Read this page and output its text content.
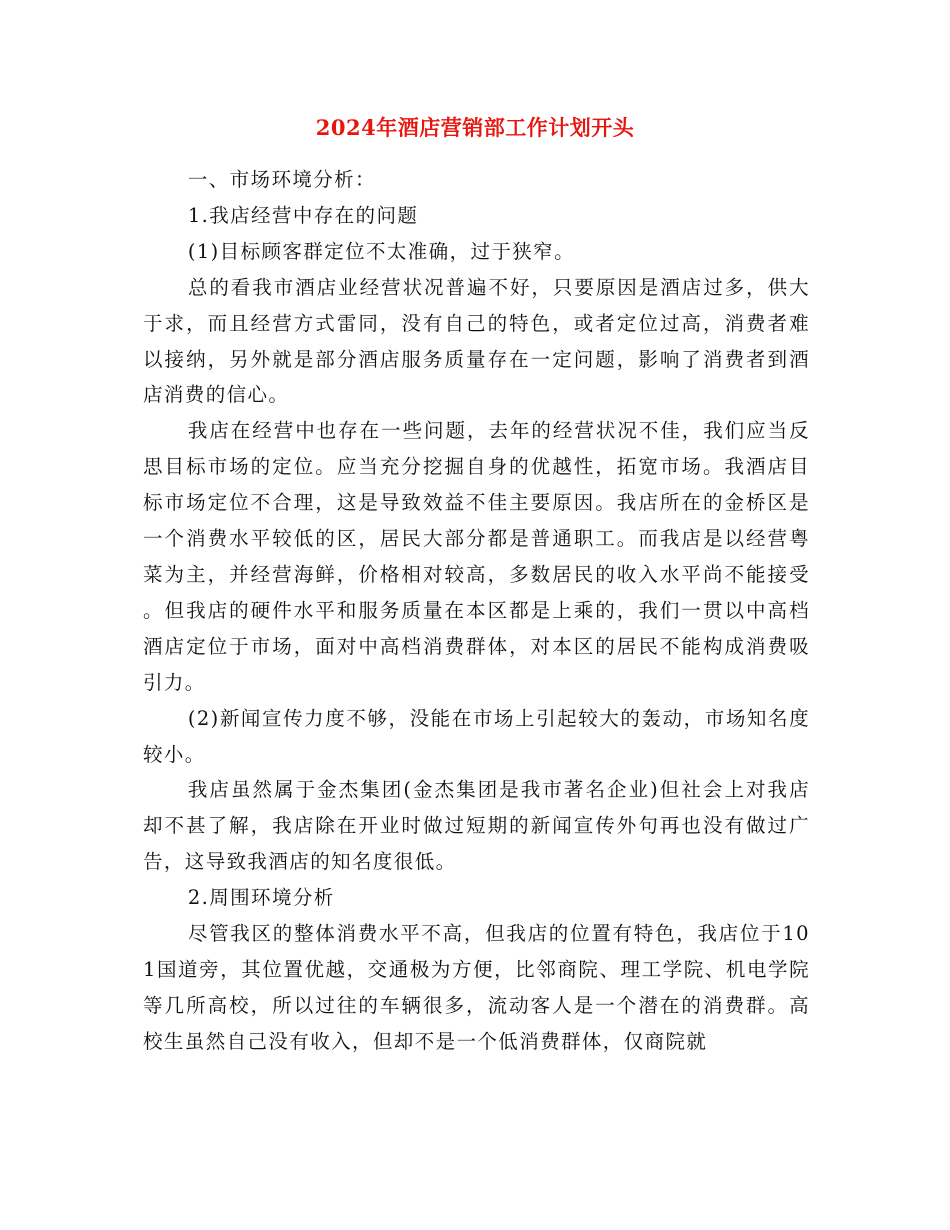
2024年酒店营销部工作计划开头

一、市场环境分析：

1.我店经营中存在的问题

(1)目标顾客群定位不太准确，过于狭窄。

总的看我市酒店业经营状况普遍不好，只要原因是酒店过多，供大于求，而且经营方式雷同，没有自己的特色，或者定位过高，消费者难以接纳，另外就是部分酒店服务质量存在一定问题，影响了消费者到酒店消费的信心。

我店在经营中也存在一些问题，去年的经营状况不佳，我们应当反思目标市场的定位。应当充分挖掘自身的优越性，拓宽市场。我酒店目标市场定位不合理，这是导致效益不佳主要原因。我店所在的金桥区是一个消费水平较低的区，居民大部分都是普通职工。而我店是以经营粤菜为主，并经营海鲜，价格相对较高，多数居民的收入水平尚不能接受。但我店的硬件水平和服务质量在本区都是上乘的，我们一贯以中高档酒店定位于市场，面对中高档消费群体，对本区的居民不能构成消费吸引力。

(2)新闻宣传力度不够，没能在市场上引起较大的轰动，市场知名度较小。

我店虽然属于金杰集团(金杰集团是我市著名企业)但社会上对我店却不甚了解，我店除在开业时做过短期的新闻宣传外句再也没有做过广告，这导致我酒店的知名度很低。

2.周围环境分析

尽管我区的整体消费水平不高，但我店的位置有特色，我店位于101国道旁，其位置优越，交通极为方便，比邻商院、理工学院、机电学院等几所高校，所以过往的车辆很多，流动客人是一个潜在的消费群。高校生虽然自己没有收入，但却不是一个低消费群体，仅商院就
